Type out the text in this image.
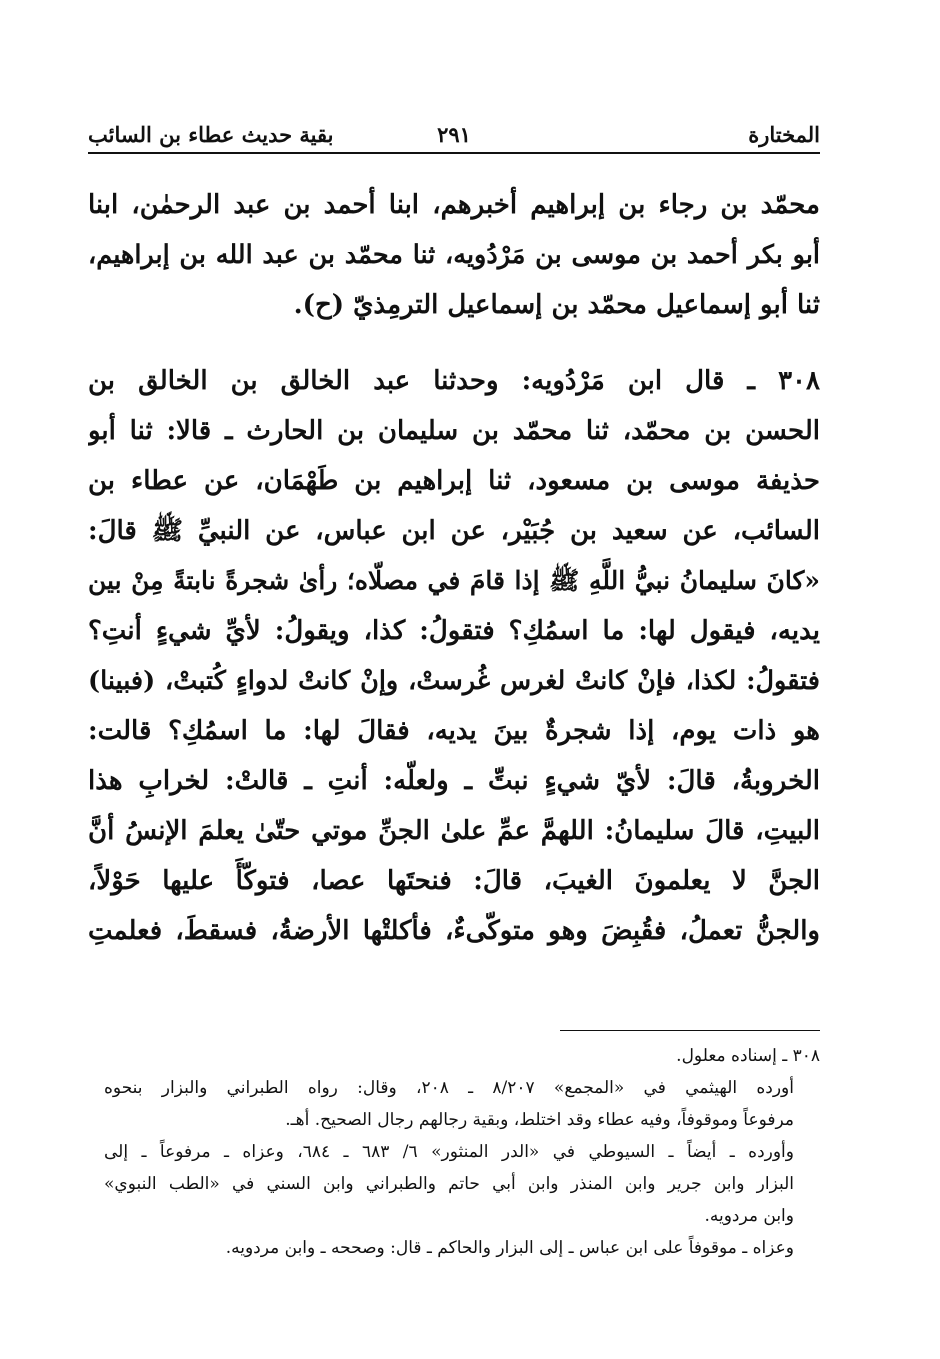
المختارة
٢٩١
بقية حديث عطاء بن السائب
محمّد بن رجاء بن إبراهيم أخبرهم، ابنا أحمد بن عبد الرحمٰن، ابنا
أبو بكر أحمد بن موسى بن مَرْدُويه، ثنا محمّد بن عبد الله بن إبراهيم،
ثنا أبو إسماعيل محمّد بن إسماعيل الترمِذيّ (ح).
٣٠٨ ـ قال ابن مَرْدُويه: وحدثنا عبد الخالق بن الخالق بن
الحسن بن محمّد، ثنا محمّد بن سليمان بن الحارث ـ قالا: ثنا أبو
حذيفة موسى بن مسعود، ثنا إبراهيم بن طَهْمَان، عن عطاء بن
السائب، عن سعيد بن جُبَيْر، عن ابن عباس، عن النبيِّ ﷺ قالَ:
«كانَ سليمانُ نبيُّ اللَّهِ ﷺ إذا قامَ في مصلّاه؛ رأىٰ شجرةً نابتةً مِنْ بين
يديه، فيقول لها: ما اسمُكِ؟ فتقولُ: كذا، ويقولُ: لأيِّ شيءٍ أنتِ؟
فتقولُ: لكذا، فإنْ كانتْ لغرس غُرستْ، وإنْ كانتْ لدواءٍ كُتبتْ، (فبينا)
هو ذات يوم، إذا شجرةٌ بينَ يديه، فقالَ لها: ما اسمُكِ؟ قالت:
الخروبةُ، قالَ: لأيّ شيءٍ نبتِّ ـ ولعلّه: أنتِ ـ قالتْ: لخرابِ هذا
البيتِ، قالَ سليمانُ: اللهمَّ عمِّ علىٰ الجنِّ موتي حتّىٰ يعلمَ الإنسُ أنَّ
الجنَّ لا يعلمونَ الغيبَ، قالَ: فنحتَها عصا، فتوكّأَ عليها حَوْلاً،
والجنُّ تعملُ، فقُبِضَ وهو متوكّىءٌ، فأكلتْها الأرضةُ، فسقطَ، فعلمتِ
٣٠٨ ـ إسناده معلول.
أورده الهيثمي في «المجمع» ٨/٢٠٧ ـ ٢٠٨، وقال: رواه الطبراني والبزار بنحوه
مرفوعاً وموقوفاً، وفيه عطاء وقد اختلط، وبقية رجالهم رجال الصحيح. أهـ.
وأورده ـ أيضاً ـ السيوطي في «الدر المنثور» ٦/ ٦٨٣ ـ ٦٨٤، وعزاه ـ مرفوعاً ـ إلى
البزار وابن جرير وابن المنذر وابن أبي حاتم والطبراني وابن السني في «الطب النبوي»
وابن مردويه.
وعزاه ـ موقوفاً على ابن عباس ـ إلى البزار والحاكم ـ قال: وصححه ـ وابن مردويه.
